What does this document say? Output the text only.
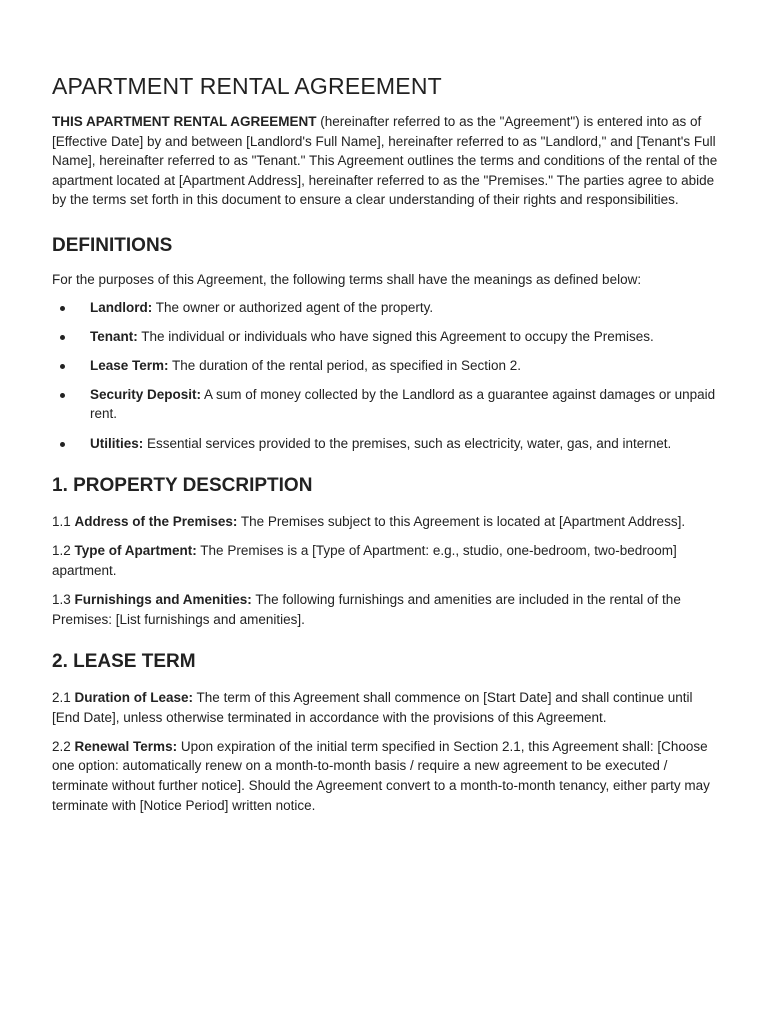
APARTMENT RENTAL AGREEMENT

THIS APARTMENT RENTAL AGREEMENT (hereinafter referred to as the "Agreement") is entered into as of [Effective Date] by and between [Landlord's Full Name], hereinafter referred to as "Landlord," and [Tenant's Full Name], hereinafter referred to as "Tenant." This Agreement outlines the terms and conditions of the rental of the apartment located at [Apartment Address], hereinafter referred to as the "Premises." The parties agree to abide by the terms set forth in this document to ensure a clear understanding of their rights and responsibilities.

DEFINITIONS

For the purposes of this Agreement, the following terms shall have the meanings as defined below:

Landlord: The owner or authorized agent of the property.
Tenant: The individual or individuals who have signed this Agreement to occupy the Premises.
Lease Term: The duration of the rental period, as specified in Section 2.
Security Deposit: A sum of money collected by the Landlord as a guarantee against damages or unpaid rent.
Utilities: Essential services provided to the premises, such as electricity, water, gas, and internet.
1. PROPERTY DESCRIPTION

1.1 Address of the Premises: The Premises subject to this Agreement is located at [Apartment Address].

1.2 Type of Apartment: The Premises is a [Type of Apartment: e.g., studio, one-bedroom, two-bedroom] apartment.

1.3 Furnishings and Amenities: The following furnishings and amenities are included in the rental of the Premises: [List furnishings and amenities].

2. LEASE TERM

2.1 Duration of Lease: The term of this Agreement shall commence on [Start Date] and shall continue until [End Date], unless otherwise terminated in accordance with the provisions of this Agreement.

2.2 Renewal Terms: Upon expiration of the initial term specified in Section 2.1, this Agreement shall: [Choose one option: automatically renew on a month-to-month basis / require a new agreement to be executed / terminate without further notice]. Should the Agreement convert to a month-to-month tenancy, either party may terminate with [Notice Period] written notice.
